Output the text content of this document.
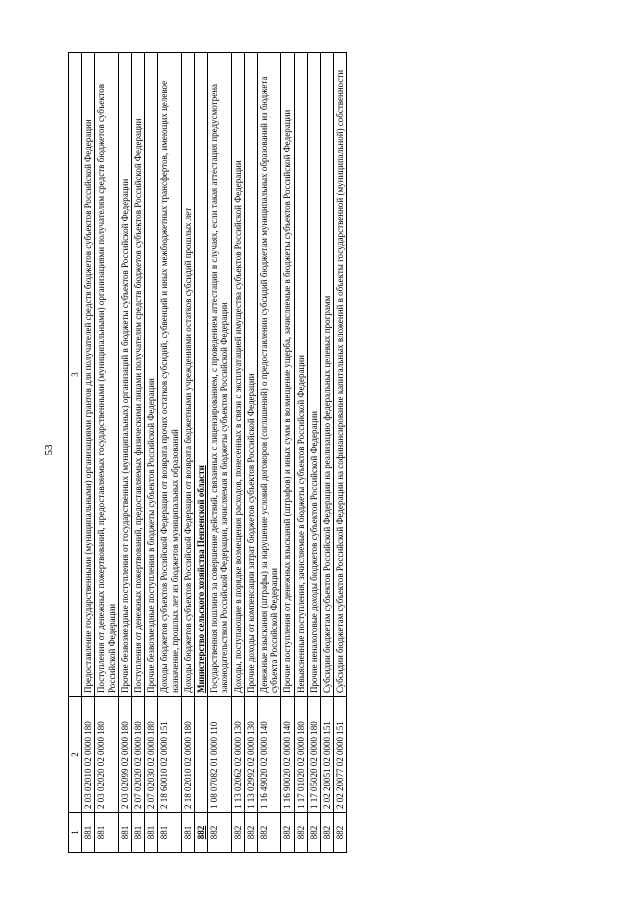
53
1	2	3
881	2 03 02010 02 0000 180	Предоставление государственными (муниципальными) организациями грантов для получателей средств бюджетов субъектов Российской Федерации
881	2 03 02020 02 0000 180	Поступления от денежных пожертвований, предоставляемых государственными (муниципальными) организациями получателям средств бюджетов субъектов Российской Федерации
881	2 03 02099 02 0000 180	Прочие безвозмездные поступления от государственных (муниципальных) организаций в бюджеты субъектов Российской Федерации
881	2 07 02020 02 0000 180	Поступления от денежных пожертвований, предоставляемых физическими лицами получателям средств бюджетов субъектов Российской Федерации
881	2 07 02030 02 0000 180	Прочие безвозмездные поступления в бюджеты субъектов Российской Федерации
881	2 18 60010 02 0000 151	Доходы бюджетов субъектов Российской Федерации от возврата прочих остатков субсидий, субвенций и иных межбюджетных трансфертов, имеющих целевое назначение, прошлых лет из бюджетов муниципальных образований
881	2 18 02010 02 0000 180	Доходы бюджетов субъектов Российской Федерации от возврата бюджетными учреждениями остатков субсидий прошлых лет
882		Министерство сельского хозяйства Пензенской области
882	1 08 07082 01 0000 110	Государственная пошлина за совершение действий, связанных с лицензированием, с проведением аттестации в случаях, если такая аттестация предусмотрена законодательством Российской Федерации, зачисляемая в бюджеты субъектов Российской Федерации
882	1 13 02062 02 0000 130	Доходы, поступающие в порядке возмещения расходов, понесенных в связи с эксплуатацией имущества субъектов Российской Федерации
882	1 13 02992 02 0000 130	Прочие доходы от компенсации затрат бюджетов субъектов Российской Федерации
882	1 16 49020 02 0000 140	Денежные взыскания (штрафы) за нарушение условий договоров (соглашений) о предоставлении субсидий бюджетам муниципальных образований из бюджета субъекта Российской Федерации
882	1 16 90020 02 0000 140	Прочие поступления от денежных взысканий (штрафов) и иных сумм в возмещение ущерба, зачисляемые в бюджеты субъектов Российской Федерации
882	1 17 01020 02 0000 180	Невыясненные поступления, зачисляемые в бюджеты субъектов Российской Федерации
882	1 17 05020 02 0000 180	Прочие неналоговые доходы бюджетов субъектов Российской Федерации
882	2 02 20051 02 0000 151	Субсидии бюджетам субъектов Российской Федерации на реализацию федеральных целевых программ
882	2 02 20077 02 0000 151	Субсидии бюджетам субъектов Российской Федерации на софинансирование капитальных вложений в объекты государственной (муниципальной) собственности
